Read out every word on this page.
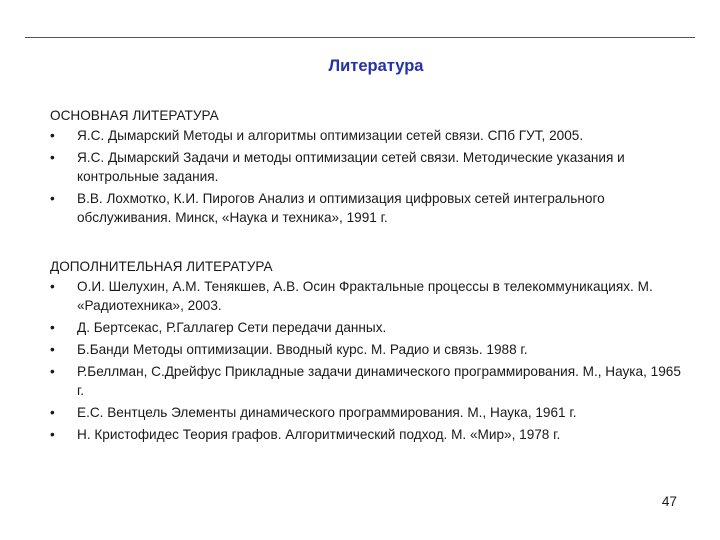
Литература

ОСНОВНАЯ ЛИТЕРАТУРА

•	Я.С. Дымарский Методы и алгоритмы оптимизации сетей связи. СПб ГУТ, 2005.
•	Я.С. Дымарский Задачи и методы оптимизации сетей связи. Методические указания и контрольные задания.
•	В.В. Лохмотко, К.И. Пирогов Анализ и оптимизация цифровых сетей интегрального обслуживания. Минск, «Наука и техника», 1991 г.

ДОПОЛНИТЕЛЬНАЯ ЛИТЕРАТУРА

•	О.И. Шелухин, А.М. Тенякшев, А.В. Осин Фрактальные процессы в телекоммуникациях. М. «Радиотехника», 2003.
•	Д. Бертсекас, Р.Галлагер Сети передачи данных.
•	Б.Банди Методы оптимизации. Вводный курс. М. Радио и связь. 1988 г.
•	Р.Беллман, С.Дрейфус Прикладные задачи динамического программирования. М., Наука, 1965 г.
•	Е.С. Вентцель Элементы динамического программирования. М., Наука, 1961 г.
•	Н. Кристофидес Теория графов. Алгоритмический подход. М. «Мир», 1978 г.
47
